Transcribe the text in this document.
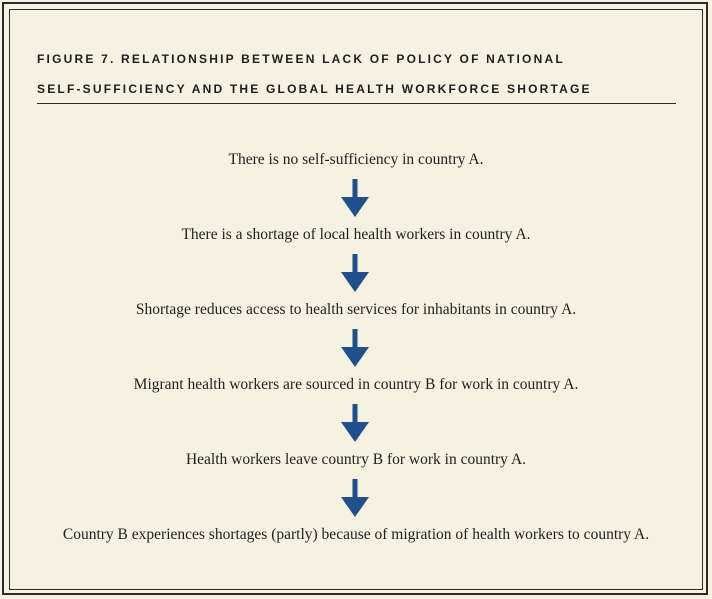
FIGURE 7. RELATIONSHIP BETWEEN LACK OF POLICY OF NATIONAL
SELF-SUFFICIENCY AND THE GLOBAL HEALTH WORKFORCE SHORTAGE
There is no self-sufficiency in country A.
There is a shortage of local health workers in country A.
Shortage reduces access to health services for inhabitants in country A.
Migrant health workers are sourced in country B for work in country A.
Health workers leave country B for work in country A.
Country B experiences shortages (partly) because of migration of health workers to country A.
